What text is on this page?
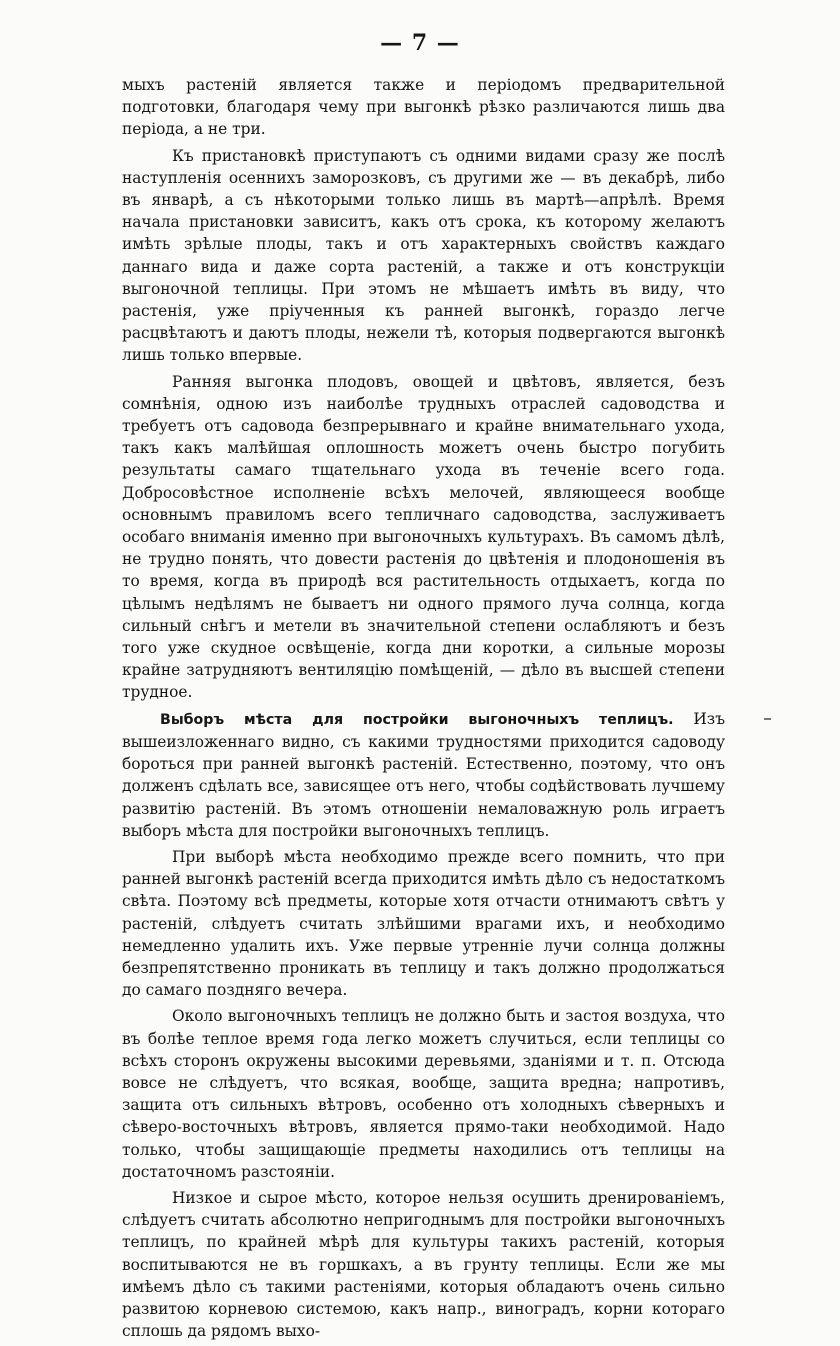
— 7 —

мыхъ растеній является также и періодомъ предварительной подготовки, благодаря чему при выгонкѣ рѣзко различаются лишь два періода, а не три.

Къ пристановкѣ приступаютъ съ одними видами сразу же послѣ наступленія осеннихъ заморозковъ, съ другими же — въ декабрѣ, либо въ январѣ, а съ нѣкоторыми только лишь въ мартѣ—апрѣлѣ. Время начала пристановки зависитъ, какъ отъ срока, къ которому желаютъ имѣть зрѣлые плоды, такъ и отъ характерныхъ свойствъ каждаго даннаго вида и даже сорта растеній, а также и отъ конструкціи выгоночной теплицы. При этомъ не мѣшаетъ имѣть въ виду, что растенія, уже пріученныя къ ранней выгонкѣ, гораздо легче расцвѣтаютъ и даютъ плоды, нежели тѣ, которыя подвергаются выгонкѣ лишь только впервые.

Ранняя выгонка плодовъ, овощей и цвѣтовъ, является, безъ сомнѣнія, одною изъ наиболѣе трудныхъ отраслей садоводства и требуетъ отъ садовода безпрерывнаго и крайне внимательнаго ухода, такъ какъ малѣйшая оплошность можетъ очень быстро погубить результаты самаго тщательнаго ухода въ теченіе всего года. Добросовѣстное исполненіе всѣхъ мелочей, являющееся вообще основнымъ правиломъ всего тепличнаго садоводства, заслуживаетъ особаго вниманія именно при выгоночныхъ культурахъ. Въ самомъ дѣлѣ, не трудно понять, что довести растенія до цвѣтенія и плодоношенія въ то время, когда въ природѣ вся растительность отдыхаетъ, когда по цѣлымъ недѣлямъ не бываетъ ни одного прямого луча солнца, когда сильный снѣгъ и метели въ значительной степени ослабляютъ и безъ того уже скудное освѣщеніе, когда дни коротки, а сильные морозы крайне затрудняютъ вентиляцію помѣщеній, — дѣло въ высшей степени трудное.

Выборъ мѣста для постройки выгоночныхъ теплицъ. Изъ вышеизложеннаго видно, съ какими трудностями приходится садоводу бороться при ранней выгонкѣ растеній. Естественно, поэтому, что онъ долженъ сдѣлать все, зависящее отъ него, чтобы содѣйствовать лучшему развитію растеній. Въ этомъ отношеніи немаловажную роль играетъ выборъ мѣста для постройки выгоночныхъ теплицъ.

При выборѣ мѣста необходимо прежде всего помнить, что при ранней выгонкѣ растеній всегда приходится имѣть дѣло съ недостаткомъ свѣта. Поэтому всѣ предметы, которые хотя отчасти отнимаютъ свѣтъ у растеній, слѣдуетъ считать злѣйшими врагами ихъ, и необходимо немедленно удалить ихъ. Уже первые утренніе лучи солнца должны безпрепятственно проникать въ теплицу и такъ должно продолжаться до самаго поздняго вечера.

Около выгоночныхъ теплицъ не должно быть и застоя воздуха, что въ болѣе теплое время года легко можетъ случиться, если теплицы со всѣхъ сторонъ окружены высокими деревьями, зданіями и т. п. Отсюда вовсе не слѣдуетъ, что всякая, вообще, защита вредна; напротивъ, защита отъ сильныхъ вѣтровъ, особенно отъ холодныхъ сѣверныхъ и сѣверо-восточныхъ вѣтровъ, является прямо-таки необходимой. Надо только, чтобы защищающіе предметы находились отъ теплицы на достаточномъ разстояніи.

Низкое и сырое мѣсто, которое нельзя осушить дренированіемъ, слѣдуетъ считать абсолютно непригоднымъ для постройки выгоночныхъ теплицъ, по крайней мѣрѣ для культуры такихъ растеній, которыя воспитываются не въ горшкахъ, а въ грунту теплицы. Если же мы имѣемъ дѣло съ такими растеніями, которыя обладаютъ очень сильно развитою корневою системою, какъ напр., виноградъ, корни котораго сплошь да рядомъ выхо-
